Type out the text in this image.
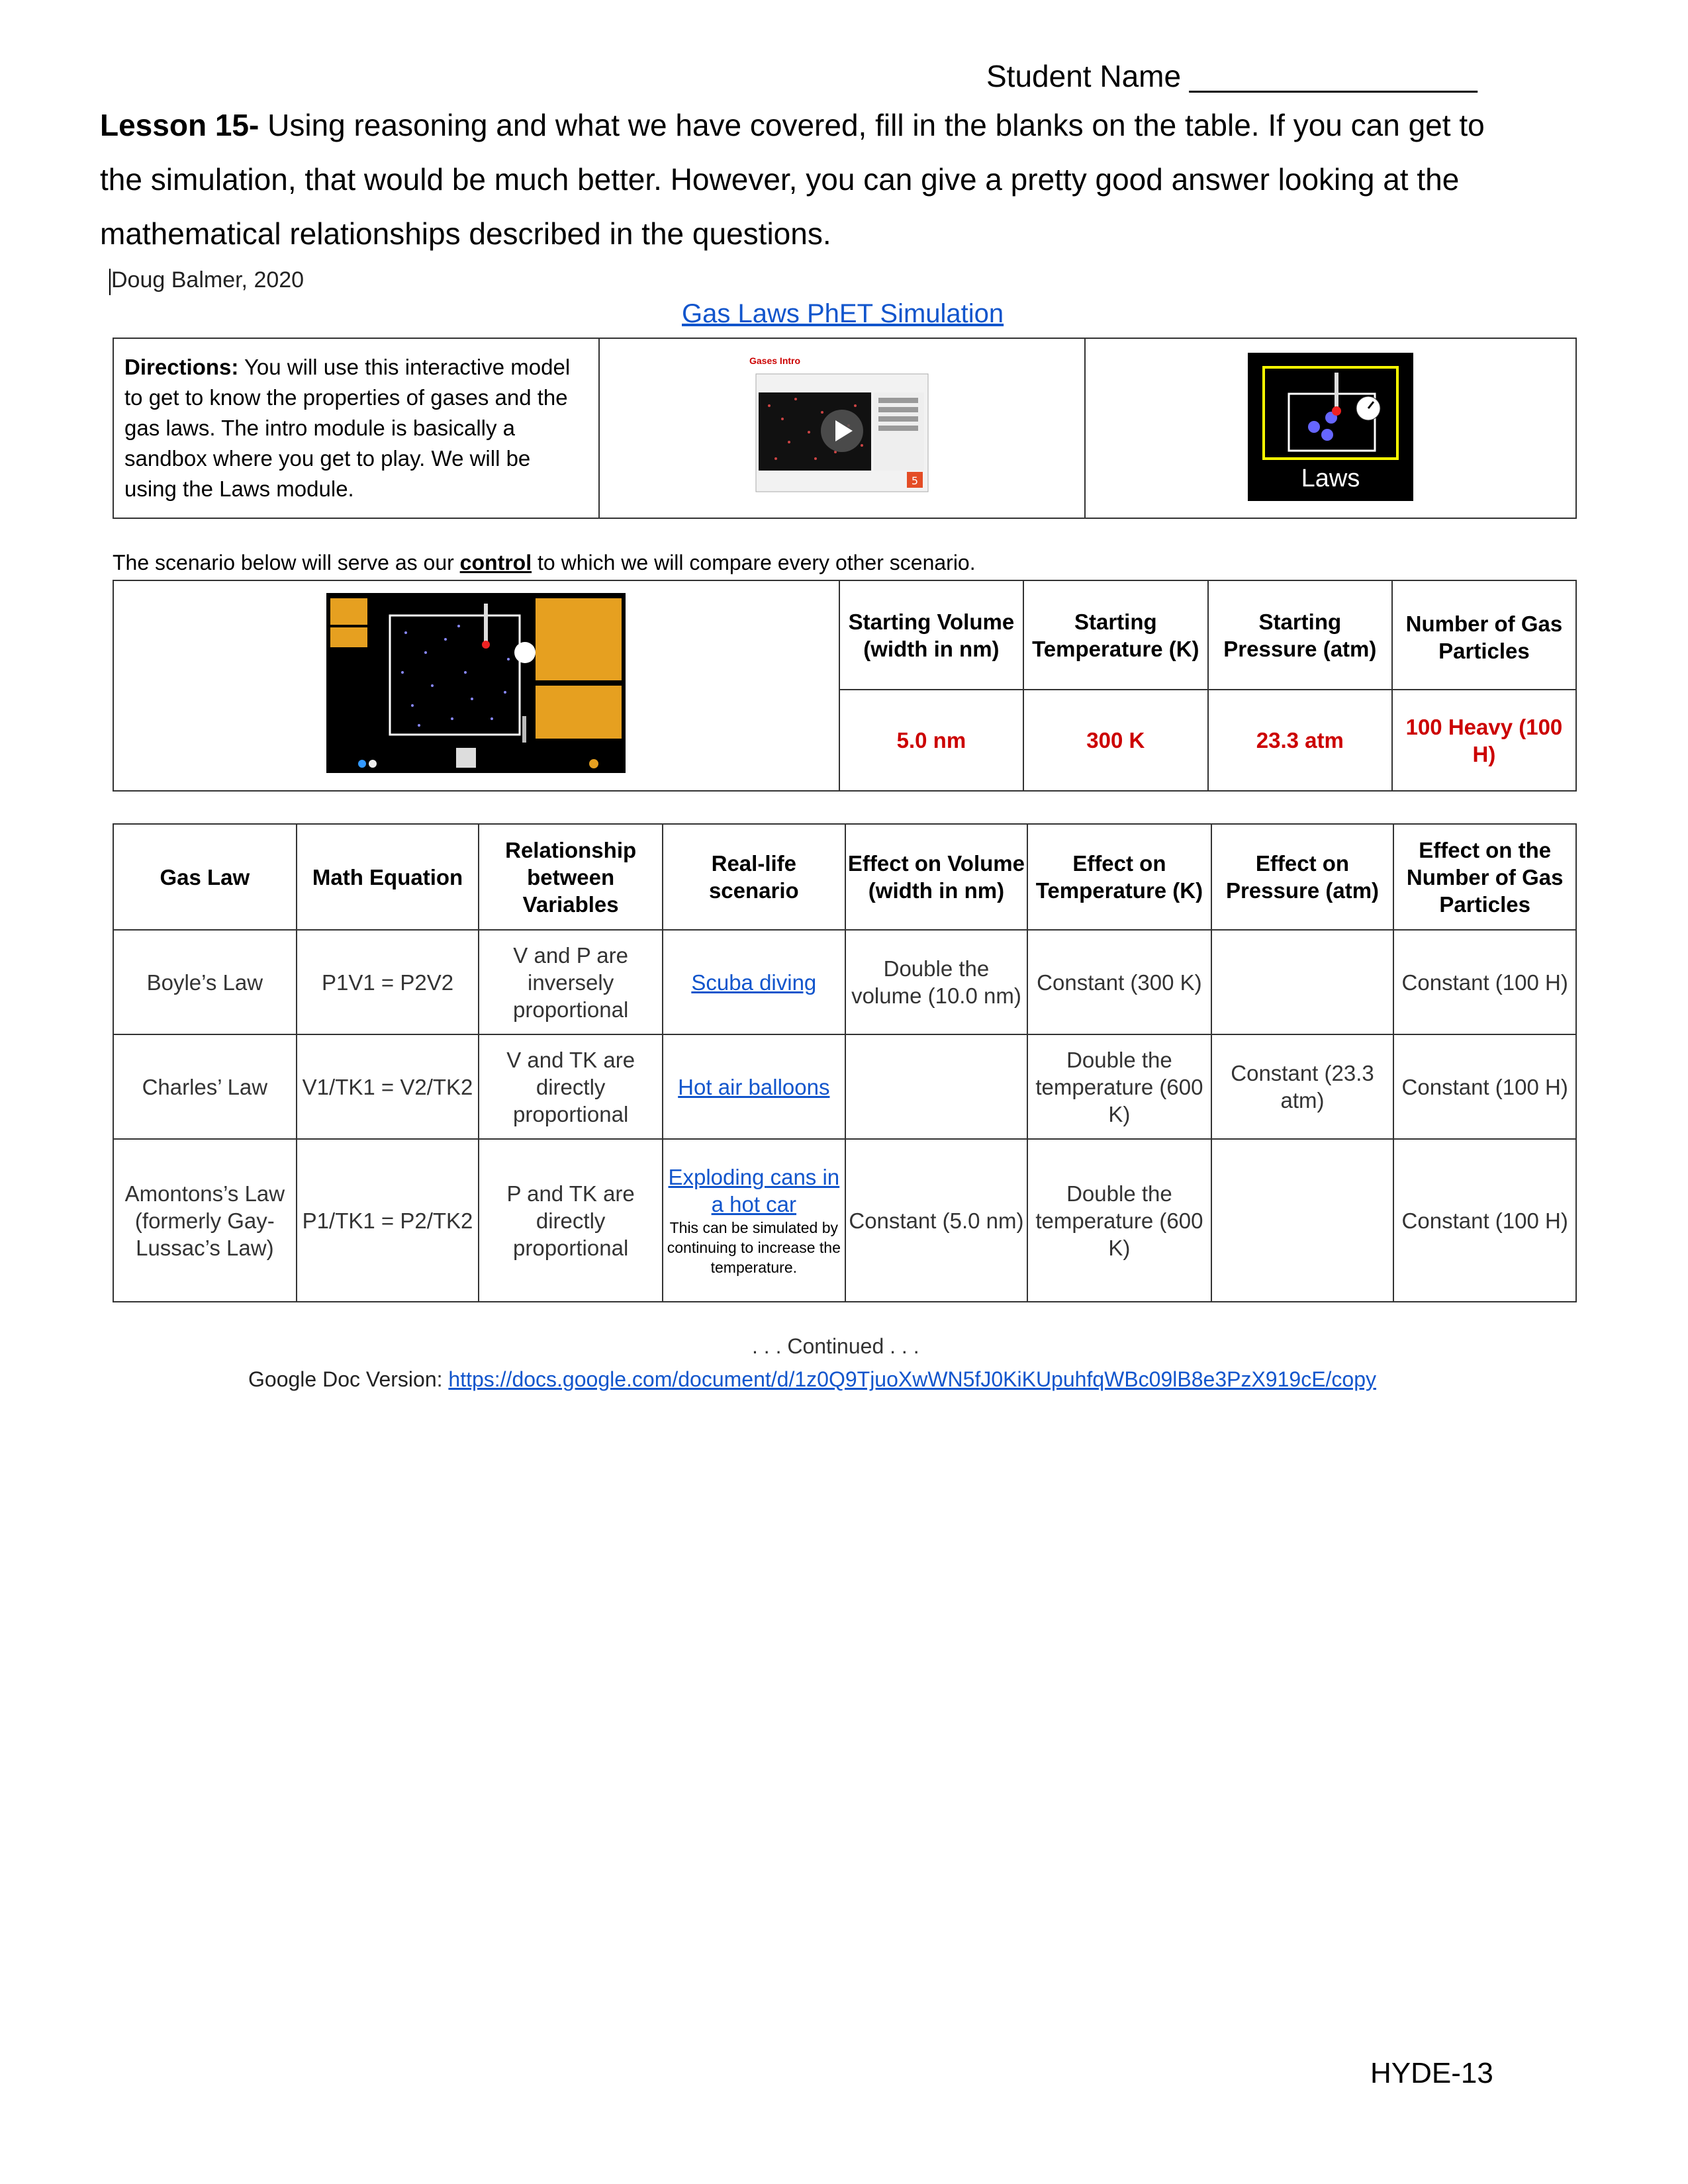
Student Name _________________
Lesson 15- Using reasoning and what we have covered, fill in the blanks on the table. If you can get to the simulation, that would be much better. However, you can give a pretty good answer looking at the mathematical relationships described in the questions.
Doug Balmer, 2020
Gas Laws PhET Simulation
Directions: You will use this interactive model to get to know the properties of gases and the gas laws. The intro module is basically a sandbox where you get to play. We will be using the Laws module.	
Gases Intro
5	Laws
The scenario below will serve as our control to which we will compare every other scenario.
	Starting Volume (width in nm)	Starting Temperature (K)	Starting Pressure (atm)	Number of Gas Particles
	5.0 nm	300 K	23.3 atm	100 Heavy (100 H)
Gas Law	Math Equation	Relationship between Variables	Real-life scenario	Effect on Volume (width in nm)	Effect on Temperature (K)	Effect on Pressure (atm)	Effect on the Number of Gas Particles
Boyle’s Law	P1V1 = P2V2	V and P are inversely proportional	Scuba diving	Double the volume (10.0 nm)	Constant (300 K)		Constant (100 H)
Charles’ Law	V1/TK1 = V2/TK2	V and TK are directly proportional	Hot air balloons		Double the temperature (600 K)	Constant (23.3 atm)	Constant (100 H)
Amontons’s Law (formerly Gay-Lussac’s Law)	P1/TK1 = P2/TK2	P and TK are directly proportional	Exploding cans in a hot car
This can be simulated by continuing to increase the temperature.	Constant (5.0 nm)	Double the temperature (600 K)		Constant (100 H)
. . . Continued . . .
Google Doc Version: https://docs.google.com/document/d/1z0Q9TjuoXwWN5fJ0KiKUpuhfqWBc09lB8e3PzX919cE/copy
HYDE-13
